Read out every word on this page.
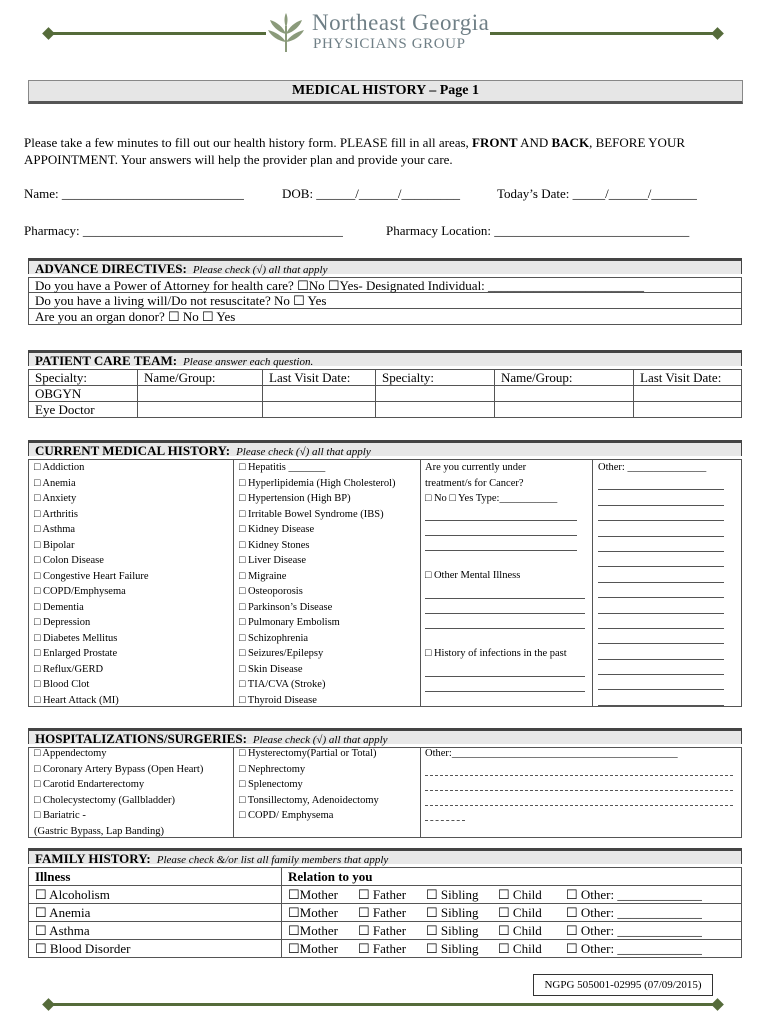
Northeast Georgia
PHYSICIANS GROUP
MEDICAL HISTORY – Page 1
Please take a few minutes to fill out our health history form. PLEASE fill in all areas, FRONT AND BACK, BEFORE YOUR
APPOINTMENT. Your answers will help the provider plan and provide your care.
Name: ____________________________	DOB: ______/______/_________	Today’s Date: _____/______/_______
Pharmacy: ________________________________________	Pharmacy Location: ______________________________
ADVANCE DIRECTIVES: Please check (√) all that apply
Do you have a Power of Attorney for health care? ☐No ☐Yes- Designated Individual: ________________________
Do you have a living will/Do not resuscitate? No ☐ Yes
Are you an organ donor? ☐ No ☐ Yes
PATIENT CARE TEAM: Please answer each question.
Specialty:	Name/Group:	Last Visit Date:	Specialty:	Name/Group:	Last Visit Date:
OBGYN					
Eye Doctor					
CURRENT MEDICAL HISTORY: Please check (√) all that apply
□ Addiction
□ Anemia
□ Anxiety
□ Arthritis
□ Asthma
□ Bipolar
□ Colon Disease
□ Congestive Heart Failure
□ COPD/Emphysema
□ Dementia
□ Depression
□ Diabetes Mellitus
□ Enlarged Prostate
□ Reflux/GERD
□ Blood Clot
□ Heart Attack (MI)
□ Hepatitis _______
□ Hyperlipidemia (High Cholesterol)
□ Hypertension (High BP)
□ Irritable Bowel Syndrome (IBS)
□ Kidney Disease
□ Kidney Stones
□ Liver Disease
□ Migraine
□ Osteoporosis
□ Parkinson’s Disease
□ Pulmonary Embolism
□ Schizophrenia
□ Seizures/Epilepsy
□ Skin Disease
□ TIA/CVA (Stroke)
□ Thyroid Disease
Are you currently under
treatment/s for Cancer?
□ No □ Yes Type:___________
□ Other Mental Illness
□ History of infections in the past
Other: _______________
HOSPITALIZATIONS/SURGERIES: Please check (√) all that apply
□ Appendectomy
□ Coronary Artery Bypass (Open Heart)
□ Carotid Endarterectomy
□ Cholecystectomy (Gallbladder)
□ Bariatric -
(Gastric Bypass, Lap Banding)
□ Hysterectomy(Partial or Total)
□ Nephrectomy
□ Splenectomy
□ Tonsillectomy, Adenoidectomy
□ COPD/ Emphysema
Other:___________________________________________
FAMILY HISTORY: Please check &/or list all family members that apply
Illness	Relation to you
☐ Alcoholism	☐Mother ☐ Father ☐ Sibling ☐ Child ☐ Other: _____________
☐ Anemia	☐Mother ☐ Father ☐ Sibling ☐ Child ☐ Other: _____________
☐ Asthma	☐Mother ☐ Father ☐ Sibling ☐ Child ☐ Other: _____________
☐ Blood Disorder	☐Mother ☐ Father ☐ Sibling ☐ Child ☐ Other: _____________
NGPG 505001-02995 (07/09/2015)
